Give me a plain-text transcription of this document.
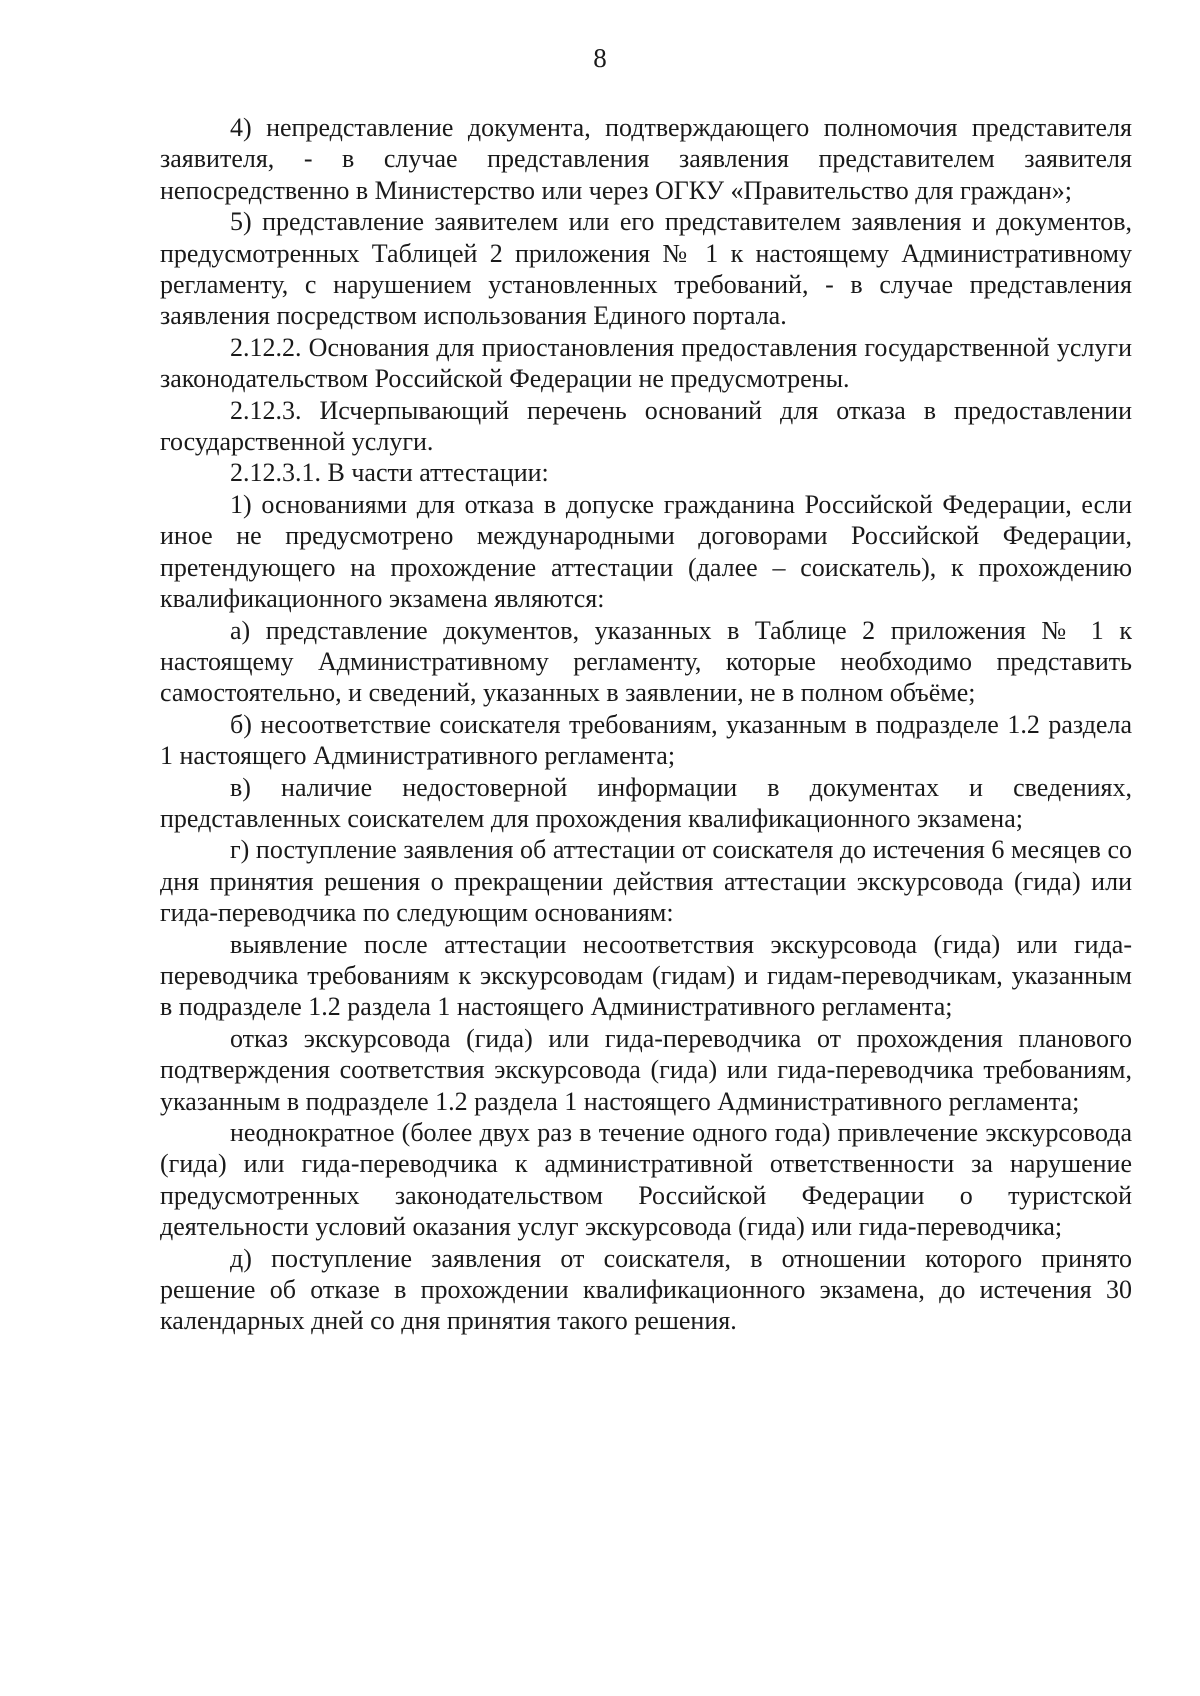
8

4) непредставление документа, подтверждающего полномочия представителя заявителя, - в случае представления заявления представителем заявителя непосредственно в Министерство или через ОГКУ «Правительство для граждан»;

5) представление заявителем или его представителем заявления и документов, предусмотренных Таблицей 2 приложения № 1 к настоящему Административному регламенту, с нарушением установленных требований, - в случае представления заявления посредством использования Единого портала.

2.12.2. Основания для приостановления предоставления государственной услуги законодательством Российской Федерации не предусмотрены.

2.12.3. Исчерпывающий перечень оснований для отказа в предоставлении государственной услуги.

2.12.3.1. В части аттестации:

1) основаниями для отказа в допуске гражданина Российской Федерации, если иное не предусмотрено международными договорами Российской Федерации, претендующего на прохождение аттестации (далее – соискатель), к прохождению квалификационного экзамена являются:

а) представление документов, указанных в Таблице 2 приложения № 1 к настоящему Административному регламенту, которые необходимо представить самостоятельно, и сведений, указанных в заявлении, не в полном объёме;

б) несоответствие соискателя требованиям, указанным в подразделе 1.2 раздела 1 настоящего Административного регламента;

в) наличие недостоверной информации в документах и сведениях, представленных соискателем для прохождения квалификационного экзамена;

г) поступление заявления об аттестации от соискателя до истечения 6 месяцев со дня принятия решения о прекращении действия аттестации экскурсовода (гида) или гида-переводчика по следующим основаниям:

выявление после аттестации несоответствия экскурсовода (гида) или гида-переводчика требованиям к экскурсоводам (гидам) и гидам-переводчикам, указанным в подразделе 1.2 раздела 1 настоящего Административного регламента;

отказ экскурсовода (гида) или гида-переводчика от прохождения планового подтверждения соответствия экскурсовода (гида) или гида-переводчика требованиям, указанным в подразделе 1.2 раздела 1 настоящего Административного регламента;

неоднократное (более двух раз в течение одного года) привлечение экскурсовода (гида) или гида-переводчика к административной ответственности за нарушение предусмотренных законодательством Российской Федерации о туристской деятельности условий оказания услуг экскурсовода (гида) или гида-переводчика;

д) поступление заявления от соискателя, в отношении которого принято решение об отказе в прохождении квалификационного экзамена, до истечения 30 календарных дней со дня принятия такого решения.
